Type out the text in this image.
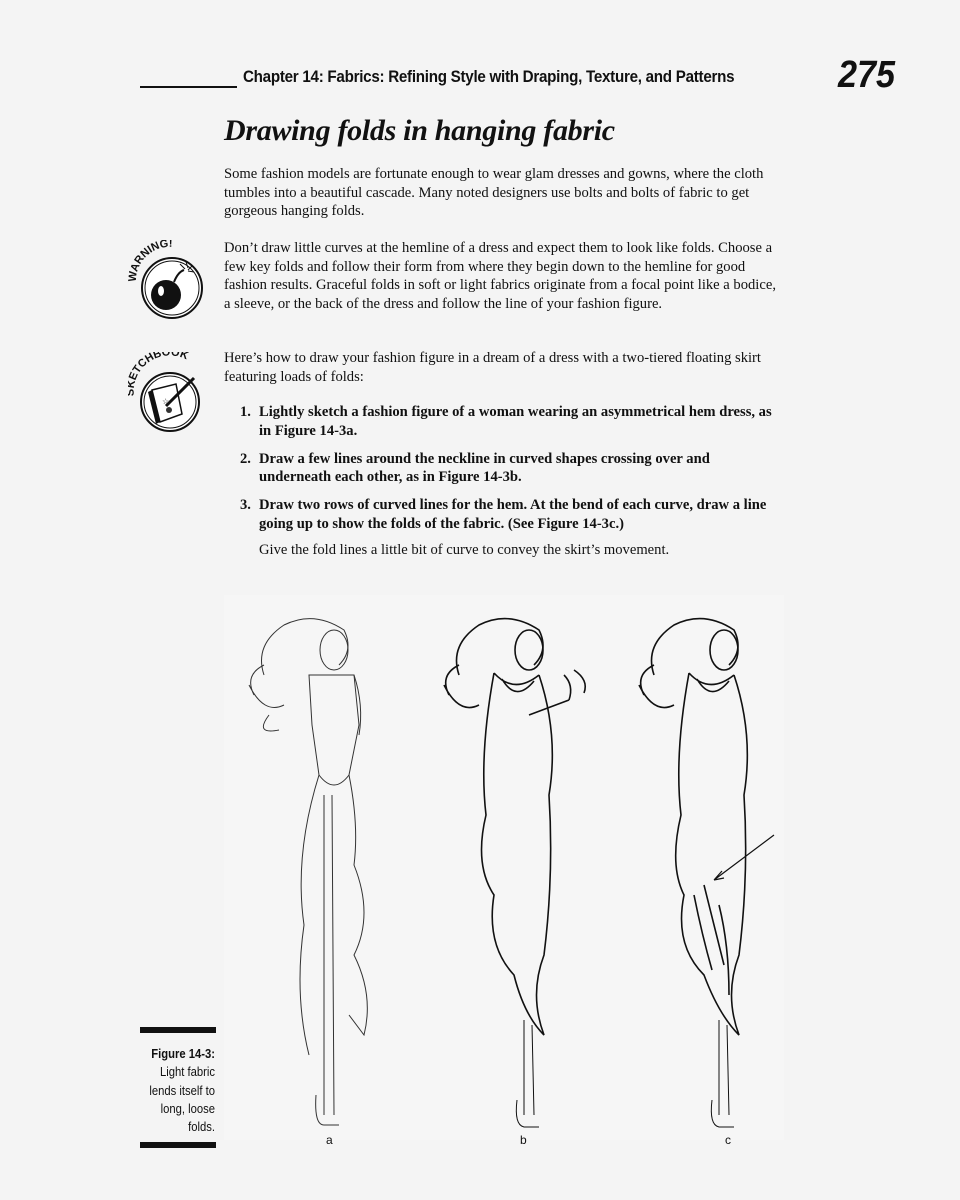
Chapter 14: Fabrics: Refining Style with Draping, Texture, and Patterns	275
Drawing folds in hanging fabric
Some fashion models are fortunate enough to wear glam dresses and gowns, where the cloth tumbles into a beautiful cascade. Many noted designers use bolts and bolts of fabric to get gorgeous hanging folds.
WARNING!	Don’t draw little curves at the hemline of a dress and expect them to look like folds. Choose a few key folds and follow their form from where they begin down to the hemline for good fashion results. Graceful folds in soft or light fabrics originate from a focal point like a bodice, a sleeve, or the back of the dress and follow the line of your fashion figure.
ETCHBOOK
☆
Here’s how to draw your fashion figure in a dream of a dress with a two-tiered floating skirt featuring loads of folds:
1. Lightly sketch a fashion figure of a woman wearing an asymmetrical hem dress, as in Figure 14-3a.
2. Draw a few lines around the neckline in curved shapes crossing over and underneath each other, as in Figure 14-3b.
3. Draw two rows of curved lines for the hem. At the bend of each curve, draw a line going up to show the folds of the fabric. (See Figure 14-3c.)
Give the fold lines a little bit of curve to convey the skirt’s movement.
Figure 14-3:
Light fabric lends itself to long, loose folds.
a	b	c
